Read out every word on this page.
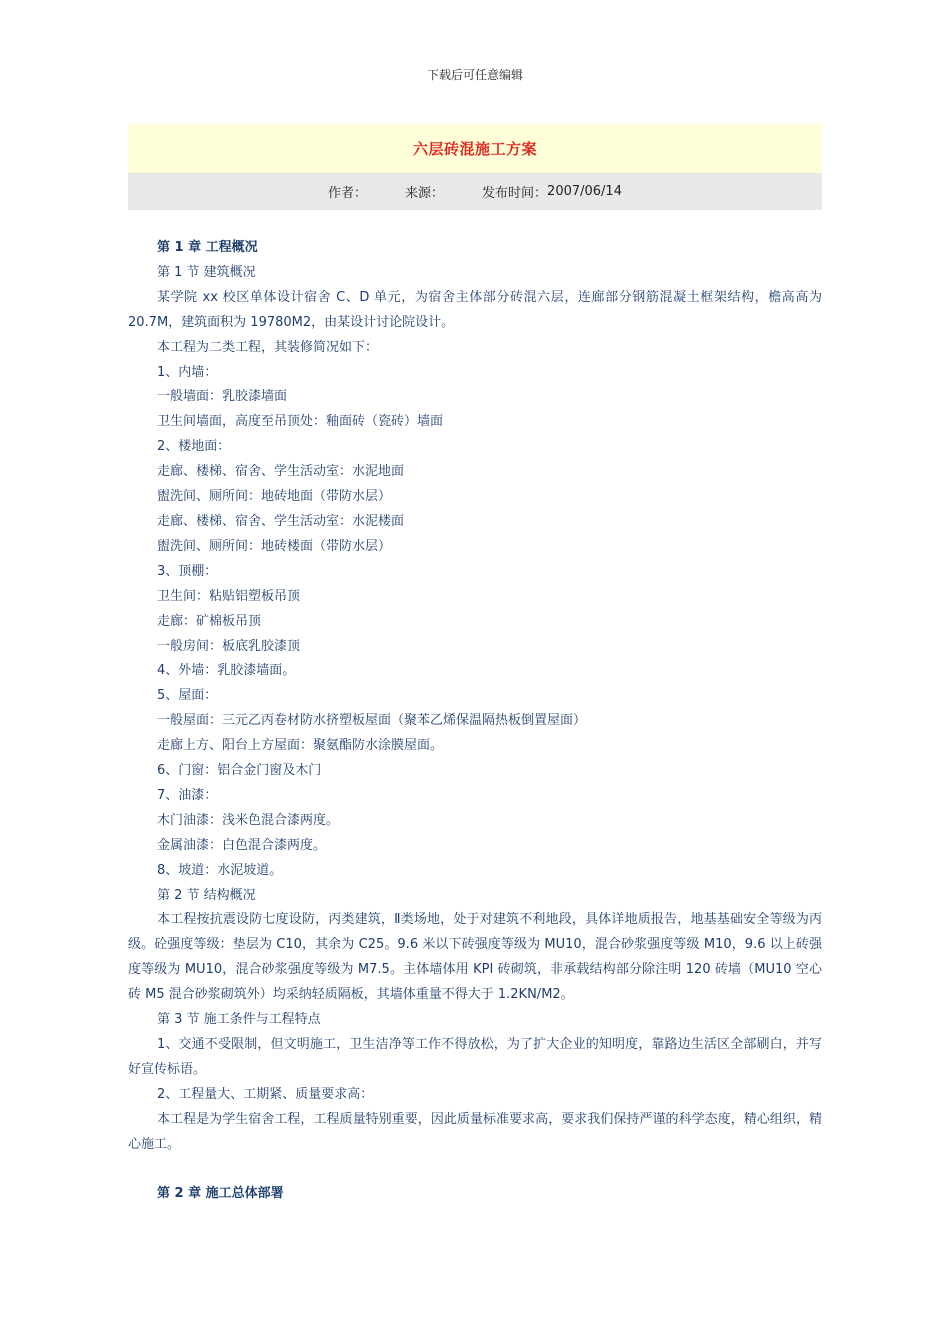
下载后可任意编辑
六层砖混施工方案
作者：	来源：	发布时间： 2007/06/14

第 1 章 工程概况

第 1 节 建筑概况

某学院 xx 校区单体设计宿舍 C、D 单元，为宿舍主体部分砖混六层，连廊部分钢筋混凝土框架结构，檐高高为 20.7M，建筑面积为 19780M2，由某设计讨论院设计。

本工程为二类工程，其装修简况如下：

1、内墙：

一般墙面：乳胶漆墙面

卫生间墙面，高度至吊顶处：釉面砖（瓷砖）墙面

2、楼地面：

走廊、楼梯、宿舍、学生活动室：水泥地面

盥洗间、厕所间：地砖地面（带防水层）

走廊、楼梯、宿舍、学生活动室：水泥楼面

盥洗间、厕所间：地砖楼面（带防水层）

3、顶棚：

卫生间：粘贴铝塑板吊顶

走廊：矿棉板吊顶

一般房间：板底乳胶漆顶

4、外墙：乳胶漆墙面。

5、屋面：

一般屋面：三元乙丙卷材防水挤塑板屋面（聚苯乙烯保温隔热板倒置屋面）

走廊上方、阳台上方屋面：聚氨酯防水涂膜屋面。

6、门窗：铝合金门窗及木门

7、油漆：

木门油漆：浅米色混合漆两度。

金属油漆：白色混合漆两度。

8、坡道：水泥坡道。

第 2 节 结构概况

本工程按抗震设防七度设防，丙类建筑，Ⅱ类场地，处于对建筑不利地段，具体详地质报告，地基基础安全等级为丙级。砼强度等级：垫层为 C10，其余为 C25。9.6 米以下砖强度等级为 MU10，混合砂浆强度等级 M10，9.6 以上砖强度等级为 MU10，混合砂浆强度等级为 M7.5。主体墙体用 KPI 砖砌筑，非承载结构部分除注明 120 砖墙（MU10 空心砖 M5 混合砂浆砌筑外）均采纳轻质隔板，其墙体重量不得大于 1.2KN/M2。

第 3 节 施工条件与工程特点

1、交通不受限制，但文明施工，卫生洁净等工作不得放松，为了扩大企业的知明度，靠路边生活区全部刷白，并写好宣传标语。

2、工程量大、工期紧、质量要求高：

本工程是为学生宿舍工程，工程质量特别重要，因此质量标准要求高，要求我们保持严谨的科学态度，精心组织，精心施工。

第 2 章 施工总体部署
